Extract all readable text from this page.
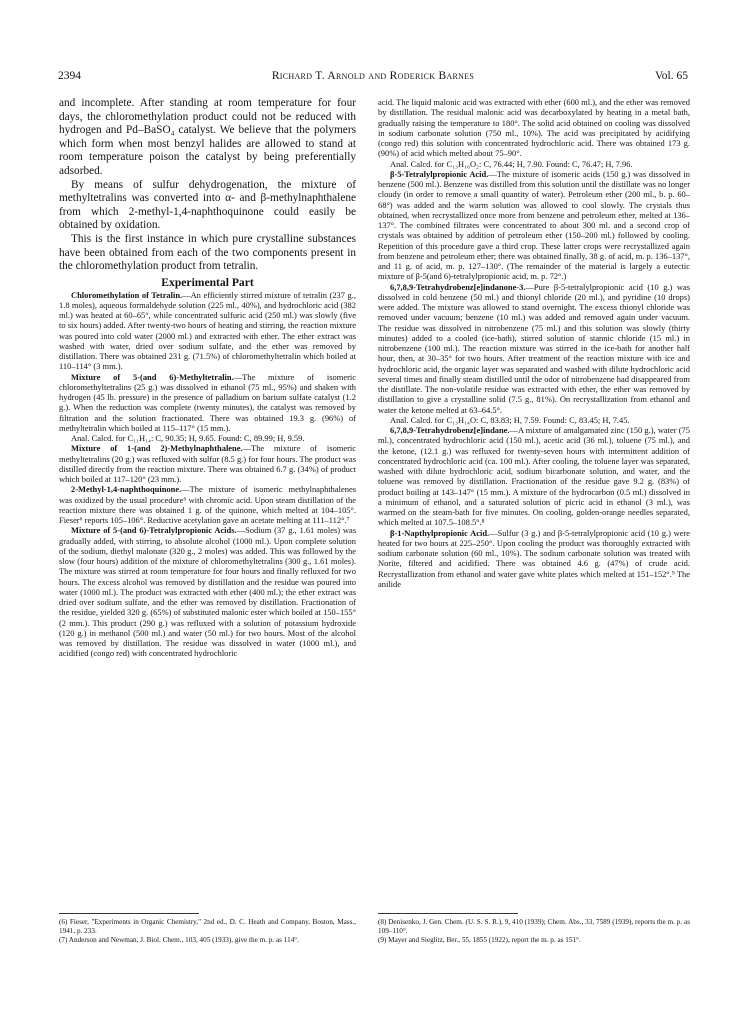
2394	Richard T. Arnold and Roderick Barnes	Vol. 65

and incomplete. After standing at room temperature for four days, the chloromethylation product could not be reduced with hydrogen and Pd–BaSO₄ catalyst. We believe that the polymers which form when most benzyl halides are allowed to stand at room temperature poison the catalyst by being preferentially adsorbed.

By means of sulfur dehydrogenation, the mixture of methyltetralins was converted into α- and β-methylnaphthalene from which 2-methyl-1,4-naphthoquinone could easily be obtained by oxidation.

This is the first instance in which pure crystalline substances have been obtained from each of the two components present in the chloromethylation product from tetralin.

Experimental Part

Chloromethylation of Tetralin.—An efficiently stirred mixture of tetralin (237 g., 1.8 moles), aqueous formaldehyde solution (225 ml., 40%), and hydrochloric acid (382 ml.) was heated at 60–65°, while concentrated sulfuric acid (250 ml.) was slowly (five to six hours) added. After twenty-two hours of heating and stirring, the reaction mixture was poured into cold water (2000 ml.) and extracted with ether. The ether extract was washed with water, dried over sodium sulfate, and the ether was removed by distillation. There was obtained 231 g. (71.5%) of chloromethyltetralin which boiled at 110–114° (3 mm.).

Mixture of 5-(and 6)-Methyltetralin.—The mixture of isomeric chloromethyltetralins (25 g.) was dissolved in ethanol (75 ml., 95%) and shaken with hydrogen (45 lb. pressure) in the presence of palladium on barium sulfate catalyst (1.2 g.). When the reduction was complete (twenty minutes), the catalyst was removed by filtration and the solution fractionated. There was obtained 19.3 g. (96%) of methyltetralin which boiled at 115–117° (15 mm.).

Anal. Calcd. for C₁₁H₁₄: C, 90.35; H, 9.65. Found: C, 89.99; H, 9.59.

Mixture of 1-(and 2)-Methylnaphthalene.—The mixture of isomeric methyltetralins (20 g.) was refluxed with sulfur (8.5 g.) for four hours. The product was distilled directly from the reaction mixture. There was obtained 6.7 g. (34%) of product which boiled at 117–120° (23 mm.).

2-Methyl-1,4-naphthoquinone.—The mixture of isomeric methylnaphthalenes was oxidized by the usual procedure⁶ with chromic acid. Upon steam distillation of the reaction mixture there was obtained 1 g. of the quinone, which melted at 104–105°. Fieser⁶ reports 105–106°. Reductive acetylation gave an acetate melting at 111–112°.⁷

Mixture of 5-(and 6)-Tetralylpropionic Acids.—Sodium (37 g., 1.61 moles) was gradually added, with stirring, to absolute alcohol (1000 ml.). Upon complete solution of the sodium, diethyl malonate (320 g., 2 moles) was added. This was followed by the slow (four hours) addition of the mixture of chloromethyltetralins (300 g., 1.61 moles). The mixture was stirred at room temperature for four hours and finally refluxed for two hours. The excess alcohol was removed by distillation and the residue was poured into water (1000 ml.). The product was extracted with ether (400 ml.); the ether extract was dried over sodium sulfate, and the ether was removed by distillation. Fractionation of the residue, yielded 320 g. (65%) of substituted malonic ester which boiled at 150–155° (2 mm.). This product (290 g.) was refluxed with a solution of potassium hydroxide (120 g.) in methanol (500 ml.) and water (50 ml.) for two hours. Most of the alcohol was removed by distillation. The residue was dissolved in water (1000 ml.), and acidified (congo red) with concentrated hydrochloric

acid. The liquid malonic acid was extracted with ether (600 ml.), and the ether was removed by distillation. The residual malonic acid was decarboxylated by heating in a metal bath, gradually raising the temperature to 180°. The solid acid obtained on cooling was dissolved in sodium carbonate solution (750 ml., 10%). The acid was precipitated by acidifying (congo red) this solution with concentrated hydrochloric acid. There was obtained 173 g. (90%) of acid which melted about 75–90°.

Anal. Calcd. for C₁₃H₁₆O₂: C, 76.44; H, 7.90. Found: C, 76.47; H, 7.96.

β-5-Tetralylpropionic Acid.—The mixture of isomeric acids (150 g.) was dissolved in benzene (500 ml.). Benzene was distilled from this solution until the distillate was no longer cloudy (in order to remove a small quantity of water). Petroleum ether (200 ml., b. p. 60–68°) was added and the warm solution was allowed to cool slowly. The crystals thus obtained, when recrystallized once more from benzene and petroleum ether, melted at 136–137°. The combined filtrates were concentrated to about 300 ml. and a second crop of crystals was obtained by addition of petroleum ether (150–200 ml.) followed by cooling. Repetition of this procedure gave a third crop. These latter crops were recrystallized again from benzene and petroleum ether; there was obtained finally, 38 g. of acid, m. p. 136–137°, and 11 g. of acid, m. p. 127–130°. (The remainder of the material is largely a eutectic mixture of β-5(and 6)-tetralylpropionic acid, m. p. 72°.)

6,7,8,9-Tetrahydrobenz[e]indanone-3.—Pure β-5-tetralylpropionic acid (10 g.) was dissolved in cold benzene (50 ml.) and thionyl chloride (20 ml.), and pyridine (10 drops) were added. The mixture was allowed to stand overnight. The excess thionyl chloride was removed under vacuum; benzene (10 ml.) was added and removed again under vacuum. The residue was dissolved in nitrobenzene (75 ml.) and this solution was slowly (thirty minutes) added to a cooled (ice-bath), stirred solution of stannic chloride (15 ml.) in nitrobenzene (100 ml.). The reaction mixture was stirred in the ice-bath for another half hour, then, at 30–35° for two hours. After treatment of the reaction mixture with ice and hydrochloric acid, the organic layer was separated and washed with dilute hydrochloric acid several times and finally steam distilled until the odor of nitrobenzene had disappeared from the distillate. The non-volatile residue was extracted with ether, the ether was removed by distillation to give a crystalline solid (7.5 g., 81%). On recrystallization from ethanol and water the ketone melted at 63–64.5°.

Anal. Calcd. for C₁₃H₁₄O: C, 83.83; H, 7.59. Found: C, 83.45; H, 7.45.

6,7,8,9-Tetrahydrobenz[e]indane.—A mixture of amalgamated zinc (150 g.), water (75 ml.), concentrated hydrochloric acid (150 ml.), acetic acid (36 ml.), toluene (75 ml.), and the ketone, (12.1 g.) was refluxed for twenty-seven hours with intermittent addition of concentrated hydrochloric acid (ca. 100 ml.). After cooling, the toluene layer was separated, washed with dilute hydrochloric acid, sodium bicarbonate solution, and water, and the toluene was removed by distillation. Fractionation of the residue gave 9.2 g. (83%) of product boiling at 143–147° (15 mm.). A mixture of the hydrocarbon (0.5 ml.) dissolved in a minimum of ethanol, and a saturated solution of picric acid in ethanol (3 ml.), was warmed on the steam-bath for five minutes. On cooling, golden-orange needles separated, which melted at 107.5–108.5°.⁸

β-1-Napthylpropionic Acid.—Sulfur (3 g.) and β-5-tetralylpropionic acid (10 g.) were heated for two hours at 225–250°. Upon cooling the product was thoroughly extracted with sodium carbonate solution (60 ml., 10%). The sodium carbonate solution was treated with Norite, filtered and acidified. There was obtained 4.6 g. (47%) of crude acid. Recrystallization from ethanol and water gave white plates which melted at 151–152°.⁹ The anilide

(6) Fieser, "Experiments in Organic Chemistry," 2nd ed., D. C. Heath and Company, Boston, Mass., 1941, p. 233.

(7) Anderson and Newman, J. Biol. Chem., 103, 405 (1933), give the m. p. as 114°.

(8) Denisenko, J. Gen. Chem. (U. S. S. R.), 9, 410 (1939); Chem. Abs., 33, 7589 (1939), reports the m. p. as 109–110°.

(9) Mayer and Sieglitz, Ber., 55, 1855 (1922), report the m. p. as 151°.
